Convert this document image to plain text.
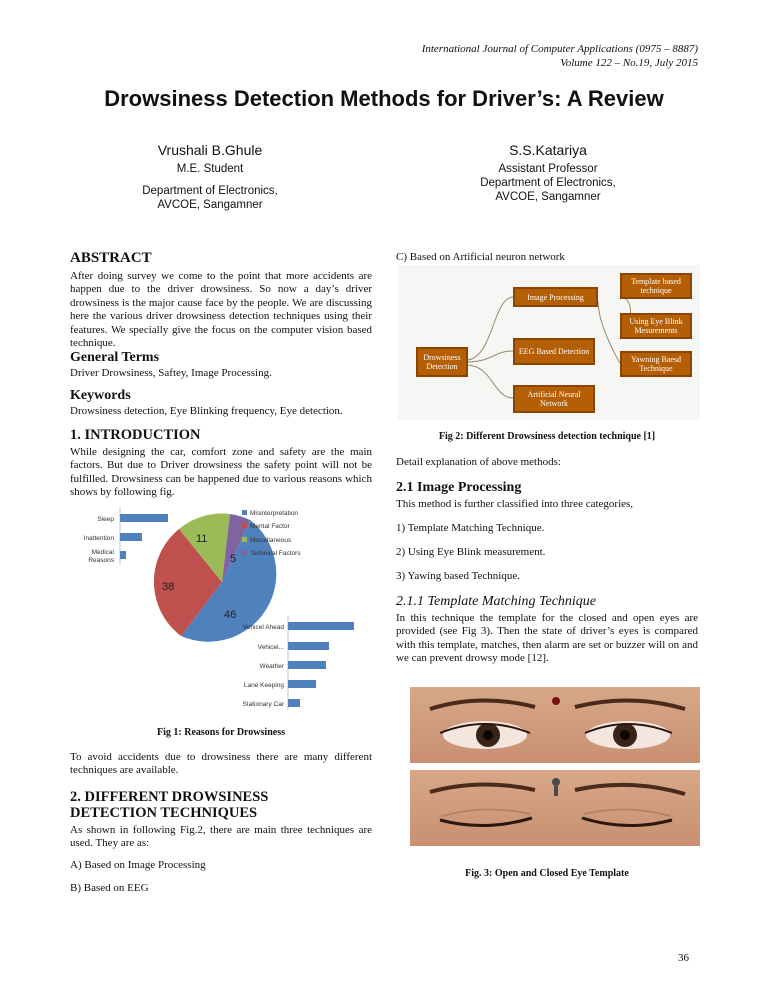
International Journal of Computer Applications (0975 – 8887)
Volume 122 – No.19, July 2015
Drowsiness Detection Methods for Driver’s: A Review
Vrushali B.Ghule
M.E. Student
Department of Electronics,
AVCOE, Sangamner
S.S.Katariya
Assistant Professor
Department of Electronics,
AVCOE, Sangamner
ABSTRACT
After doing survey we come to the point that more accidents are happen due to the driver drowsiness. So now a day’s driver drowsiness is the major cause face by the people. We are discussing here the various driver drowsiness detection techniques using their features. We specially give the focus on the computer vision based technique.
General Terms
Driver Drowsiness, Saftey, Image Processing.
Keywords
Drowsiness detection, Eye Blinking frequency, Eye detection.
1. INTRODUCTION
While designing the car, comfort zone and safety are the main factors. But due to Driver drowsiness the safety point will not be fulfilled. Drowsiness can be happened due to various reasons which shows by following fig.
Sleep
Inattention
Medical
Reasons
46
38
11
5
Misinterpretation
Mental Factor
Miscellaneous
Technical Factors
Vehicel Ahead
Vehicel...
Weather
Lane Keeping
Stationary Car
Fig 1: Reasons for Drowsiness
To avoid accidents due to drowsiness there are many different techniques are available.
2. DIFFERENT DROWSINESS
DETECTION TECHNIQUES
As shown in following Fig.2, there are main three techniques are used. They are as:
A) Based on Image Processing
B) Based on EEG
C) Based on Artificial neuron network
Drowsiness Detection
Image Processing
EEG Based Detection
Artificial Neural Network
Template based technique
Using Eye Blink Mesurements
Yawning Baesd Technique
Fig 2: Different Drowsiness detection technique [1]
Detail explanation of above methods:
2.1 Image Processing
This method is further classified into three categories,
1) Template Matching Technique.
2) Using Eye Blink measurement.
3) Yawing based Technique.
2.1.1 Template Matching Technique
In this technique the template for the closed and open eyes are provided (see Fig 3). Then the state of driver’s eyes is compared with this template, matches, then alarm are set or buzzer will on and we can prevent drowsy mode [12].
Fig. 3: Open and Closed Eye Template
36
